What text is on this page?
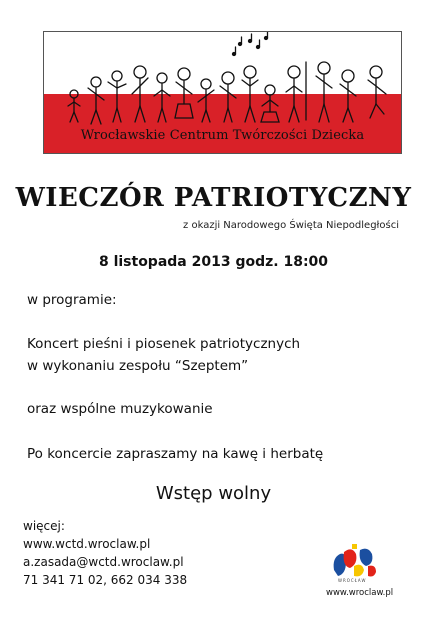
Wrocławskie Centrum Twórczości Dziecka
WIECZÓR PATRIOTYCZNY
z okazji Narodowego Święta Niepodległości
8 listopada 2013 godz. 18:00
w programie:
Koncert pieśni i piosenek patriotycznych
w wykonaniu zespołu “Szeptem”
oraz wspólne muzykowanie
Po koncercie zapraszamy na kawę i herbatę
Wstęp wolny
więcej:
www.wctd.wroclaw.pl
a.zasada@wctd.wroclaw.pl
71 341 71 02, 662 034 338	WROCŁAW
www.wroclaw.pl
